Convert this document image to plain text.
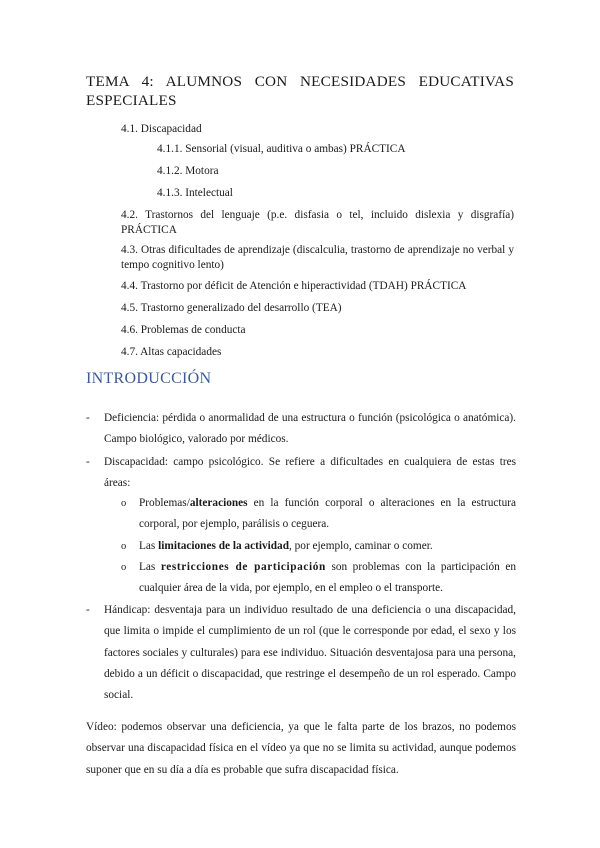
TEMA 4: ALUMNOS CON NECESIDADES EDUCATIVAS ESPECIALES
4.1. Discapacidad
4.1.1. Sensorial (visual, auditiva o ambas) PRÁCTICA
4.1.2. Motora
4.1.3. Intelectual
4.2. Trastornos del lenguaje (p.e. disfasia o tel, incluido dislexia y disgrafía) PRÁCTICA
4.3. Otras dificultades de aprendizaje (discalculia, trastorno de aprendizaje no verbal y tempo cognitivo lento)
4.4. Trastorno por déficit de Atención e hiperactividad (TDAH) PRÁCTICA
4.5. Trastorno generalizado del desarrollo (TEA)
4.6. Problemas de conducta
4.7. Altas capacidades
INTRODUCCIÓN
- Deficiencia: pérdida o anormalidad de una estructura o función (psicológica o anatómica). Campo biológico, valorado por médicos.
- Discapacidad: campo psicológico. Se refiere a dificultades en cualquiera de estas tres áreas:
o Problemas/alteraciones en la función corporal o alteraciones en la estructura corporal, por ejemplo, parálisis o ceguera.
o Las limitaciones de la actividad, por ejemplo, caminar o comer.
o Las restricciones de participación son problemas con la participación en cualquier área de la vida, por ejemplo, en el empleo o el transporte.
- Hándicap: desventaja para un individuo resultado de una deficiencia o una discapacidad, que limita o impide el cumplimiento de un rol (que le corresponde por edad, el sexo y los factores sociales y culturales) para ese individuo. Situación desventajosa para una persona, debido a un déficit o discapacidad, que restringe el desempeño de un rol esperado. Campo social.
Vídeo: podemos observar una deficiencia, ya que le falta parte de los brazos, no podemos observar una discapacidad física en el vídeo ya que no se limita su actividad, aunque podemos suponer que en su día a día es probable que sufra discapacidad física.
